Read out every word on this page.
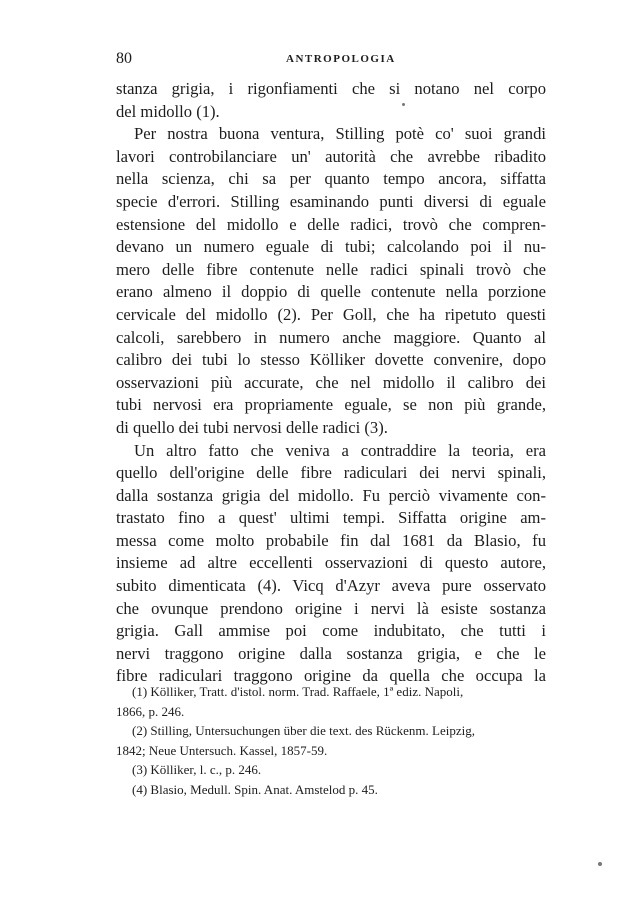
80	ANTROPOLOGIA
stanza grigia, i rigonfiamenti che si notano nel corpo
del midollo (1).
Per nostra buona ventura, Stilling potè co' suoi grandi
lavori controbilanciare un' autorità che avrebbe ribadito
nella scienza, chi sa per quanto tempo ancora, siffatta
specie d'errori. Stilling esaminando punti diversi di eguale
estensione del midollo e delle radici, trovò che compren-
devano un numero eguale di tubi; calcolando poi il nu-
mero delle fibre contenute nelle radici spinali trovò che
erano almeno il doppio di quelle contenute nella porzione
cervicale del midollo (2). Per Goll, che ha ripetuto questi
calcoli, sarebbero in numero anche maggiore. Quanto al
calibro dei tubi lo stesso Kölliker dovette convenire, dopo
osservazioni più accurate, che nel midollo il calibro dei
tubi nervosi era propriamente eguale, se non più grande,
di quello dei tubi nervosi delle radici (3).
Un altro fatto che veniva a contraddire la teoria, era
quello dell'origine delle fibre radiculari dei nervi spinali,
dalla sostanza grigia del midollo. Fu perciò vivamente con-
trastato fino a quest' ultimi tempi. Siffatta origine am-
messa come molto probabile fin dal 1681 da Blasio, fu
insieme ad altre eccellenti osservazioni di questo autore,
subito dimenticata (4). Vicq d'Azyr aveva pure osservato
che ovunque prendono origine i nervi là esiste sostanza
grigia. Gall ammise poi come indubitato, che tutti i
nervi traggono origine dalla sostanza grigia, e che le
fibre radiculari traggono origine da quella che occupa la
(1) Kölliker, Tratt. d'istol. norm. Trad. Raffaele, 1ª ediz. Napoli,
1866, p. 246.
(2) Stilling, Untersuchungen über die text. des Rückenm. Leipzig,
1842; Neue Untersuch. Kassel, 1857-59.
(3) Kölliker, l. c., p. 246.
(4) Blasio, Medull. Spin. Anat. Amstelod p. 45.
